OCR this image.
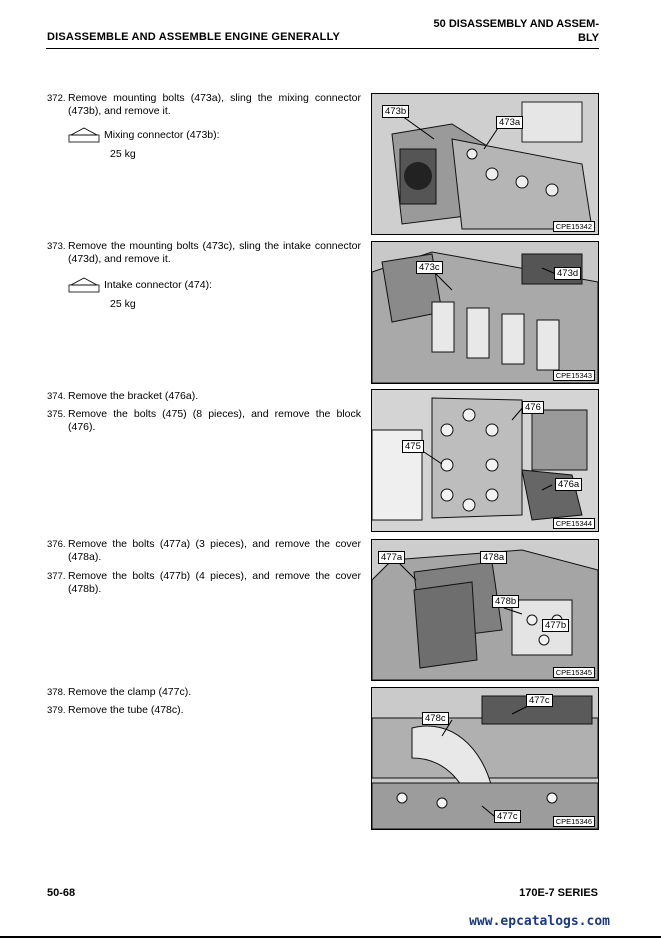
50 DISASSEMBLY AND ASSEM-
BLY
DISASSEMBLE AND ASSEMBLE ENGINE GENERALLY
372. Remove mounting bolts (473a), sling the mixing connector (473b), and remove it.
Mixing connector (473b):
25 kg
473b
473a
CPE15342
373. Remove the mounting bolts (473c), sling the intake connector (473d), and remove it.
Intake connector (474):
25 kg
473c
473d
CPE15343
374. Remove the bracket (476a).
375. Remove the bolts (475) (8 pieces), and remove the block (476).
476
475
476a
CPE15344
376. Remove the bolts (477a) (3 pieces), and remove the cover (478a).
377. Remove the bolts (477b) (4 pieces), and remove the cover (478b).
477a	478a
478b
477b
CPE15345
378. Remove the clamp (477c).
379. Remove the tube (478c).
477c
478c
477c	CPE15346
50-68	170E-7 SERIES
www.epcatalogs.com
